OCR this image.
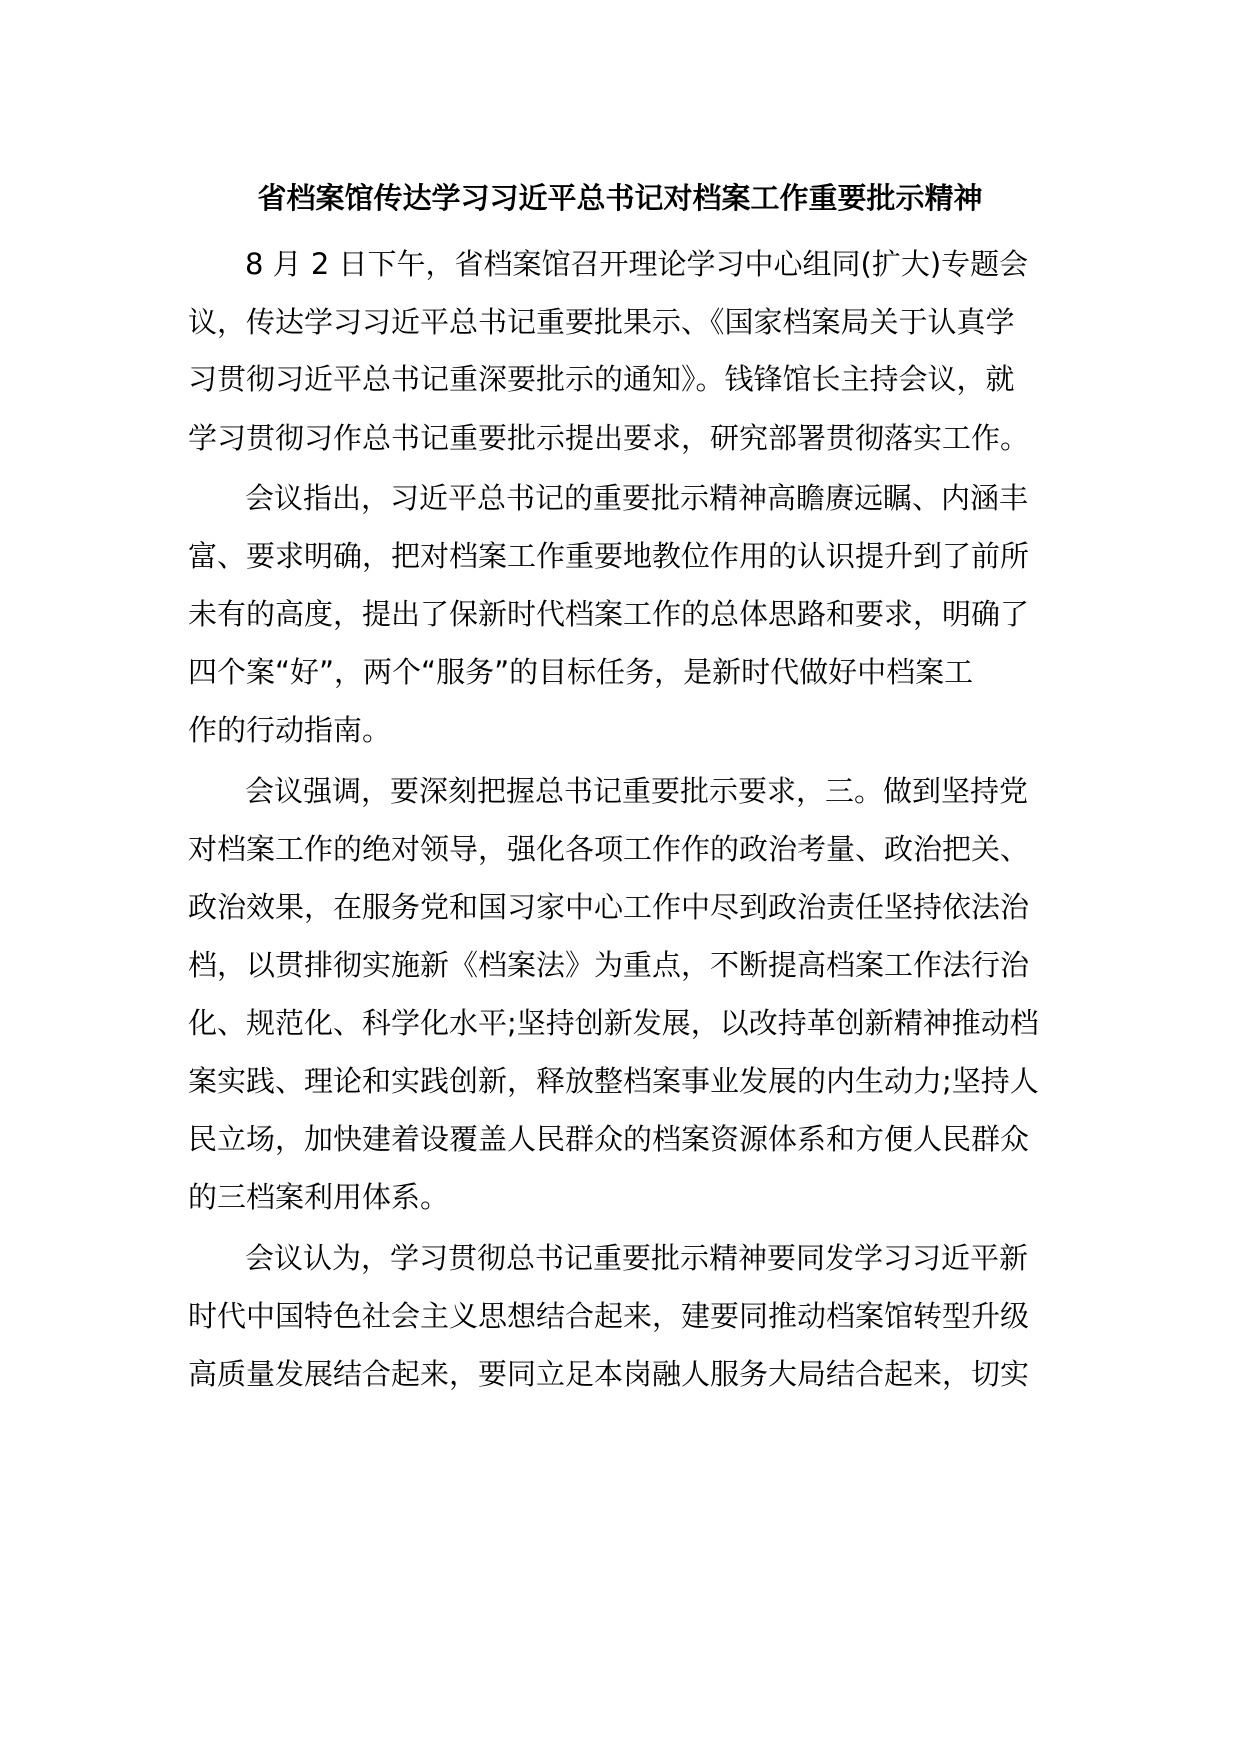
省档案馆传达学习习近平总书记对档案工作重要批示精神
8 月 2 日下午，省档案馆召开理论学习中心组同(扩大)专题会
议，传达学习习近平总书记重要批果示、《国家档案局关于认真学
习贯彻习近平总书记重深要批示的通知》。钱锋馆长主持会议，就
学习贯彻习作总书记重要批示提出要求，研究部署贯彻落实工作。
会议指出，习近平总书记的重要批示精神高瞻赓远瞩、内涵丰
富、要求明确，把对档案工作重要地教位作用的认识提升到了前所
未有的高度，提出了保新时代档案工作的总体思路和要求，明确了
四个案“好”，两个“服务”的目标任务，是新时代做好中档案工
作的行动指南。
会议强调，要深刻把握总书记重要批示要求，三。做到坚持党
对档案工作的绝对领导，强化各项工作作的政治考量、政治把关、
政治效果，在服务党和国习家中心工作中尽到政治责任坚持依法治
档，以贯排彻实施新《档案法》为重点，不断提高档案工作法行治
化、规范化、科学化水平;坚持创新发展，以改持革创新精神推动档
案实践、理论和实践创新，释放整档案事业发展的内生动力;坚持人
民立场，加快建着设覆盖人民群众的档案资源体系和方便人民群众
的三档案利用体系。
会议认为，学习贯彻总书记重要批示精神要同发学习习近平新
时代中国特色社会主义思想结合起来，建要同推动档案馆转型升级
高质量发展结合起来，要同立足本岗融人服务大局结合起来，切实
